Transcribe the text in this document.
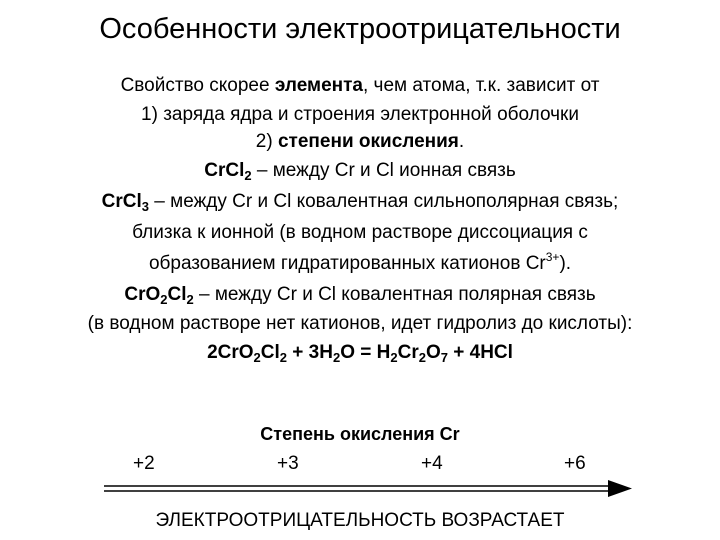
Особенности электроотрицательности
Свойство скорее элемента, чем атома, т.к. зависит от
1) заряда ядра и строения электронной оболочки
2) степени окисления.
CrCl$_2$ – между Cr и Cl ионная связь
CrCl$_3$ – между Cr и Cl ковалентная сильнополярная связь;
близка к ионной (в водном растворе диссоциация с
образованием гидратированных катионов $Cr^{3+}$).
$CrO_2Cl_2$ – между Cr и Cl ковалентная полярная связь
(в водном растворе нет катионов, идет гидролиз до кислоты):
$2CrO_2Cl_2 + 3H_2O = H_2Cr_2O_7 + 4HCl$
Степень окисления Cr
+2	+3	+4	+6
ЭЛЕКТРООТРИЦАТЕЛЬНОСТЬ ВОЗРАСТАЕТ
